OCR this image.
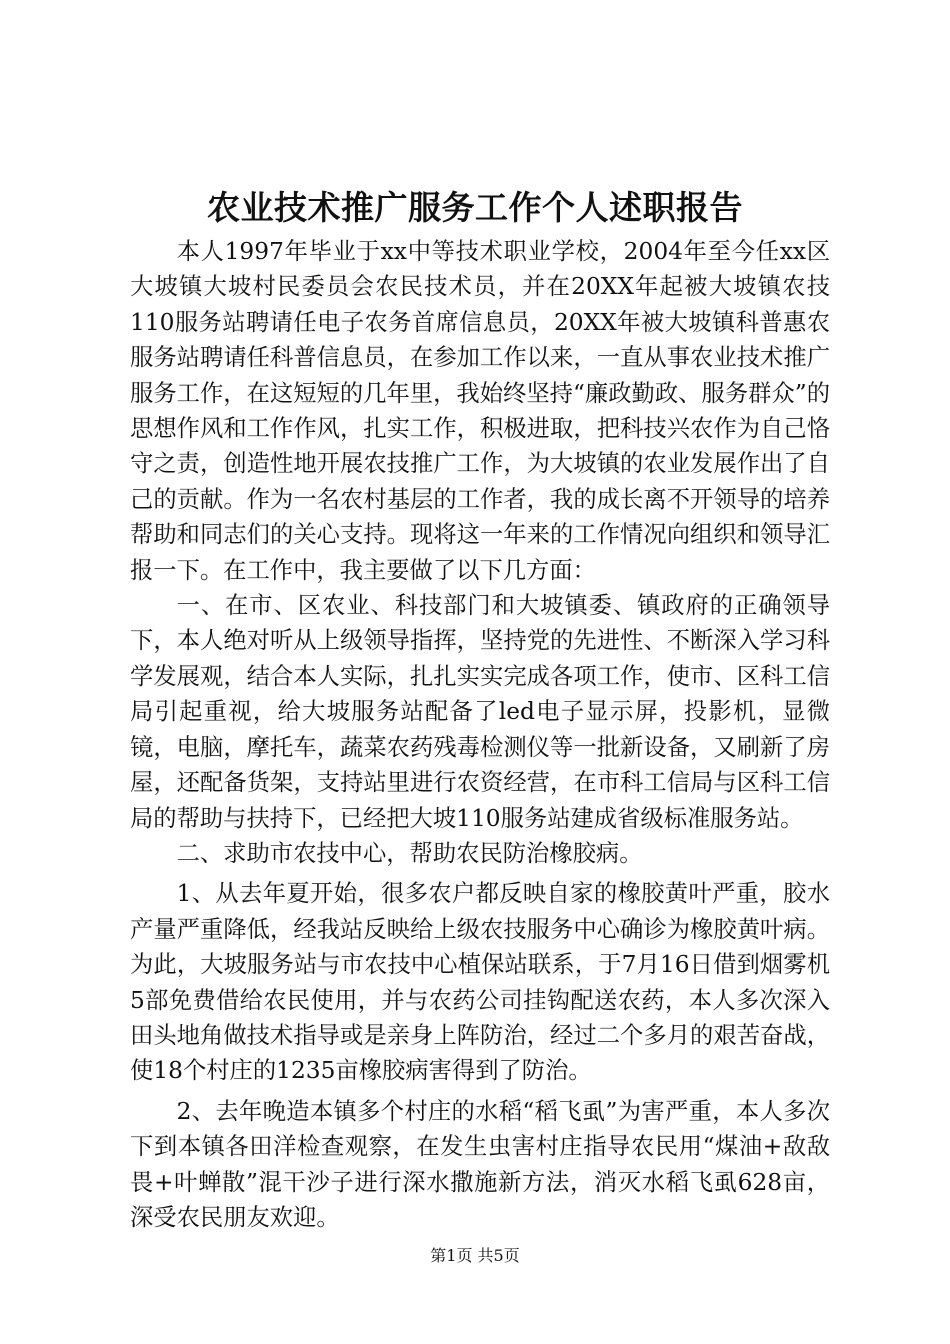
农业技术推广服务工作个人述职报告

本人1997年毕业于xx中等技术职业学校，2004年至今任xx区大坡镇大坡村民委员会农民技术员，并在20XX年起被大坡镇农技110服务站聘请任电子农务首席信息员，20XX年被大坡镇科普惠农服务站聘请任科普信息员，在参加工作以来，一直从事农业技术推广服务工作，在这短短的几年里，我始终坚持“廉政勤政、服务群众”的思想作风和工作作风，扎实工作，积极进取，把科技兴农作为自己恪守之责，创造性地开展农技推广工作，为大坡镇的农业发展作出了自己的贡献。作为一名农村基层的工作者，我的成长离不开领导的培养帮助和同志们的关心支持。现将这一年来的工作情况向组织和领导汇报一下。在工作中，我主要做了以下几方面：

一、在市、区农业、科技部门和大坡镇委、镇政府的正确领导下，本人绝对听从上级领导指挥，坚持党的先进性、不断深入学习科学发展观，结合本人实际，扎扎实实完成各项工作，使市、区科工信局引起重视，给大坡服务站配备了led电子显示屏，投影机，显微镜，电脑，摩托车，蔬菜农药残毒检测仪等一批新设备，又刷新了房屋，还配备货架，支持站里进行农资经营，在市科工信局与区科工信局的帮助与扶持下，已经把大坡110服务站建成省级标准服务站。

二、求助市农技中心，帮助农民防治橡胶病。

1、从去年夏开始，很多农户都反映自家的橡胶黄叶严重，胶水产量严重降低，经我站反映给上级农技服务中心确诊为橡胶黄叶病。为此，大坡服务站与市农技中心植保站联系，于7月16日借到烟雾机5部免费借给农民使用，并与农药公司挂钩配送农药，本人多次深入田头地角做技术指导或是亲身上阵防治，经过二个多月的艰苦奋战，使18个村庄的1235亩橡胶病害得到了防治。

2、去年晚造本镇多个村庄的水稻“稻飞虱”为害严重，本人多次下到本镇各田洋检查观察，在发生虫害村庄指导农民用“煤油+敌敌畏+叶蝉散”混干沙子进行深水撒施新方法，消灭水稻飞虱628亩，深受农民朋友欢迎。

第1页 共5页
